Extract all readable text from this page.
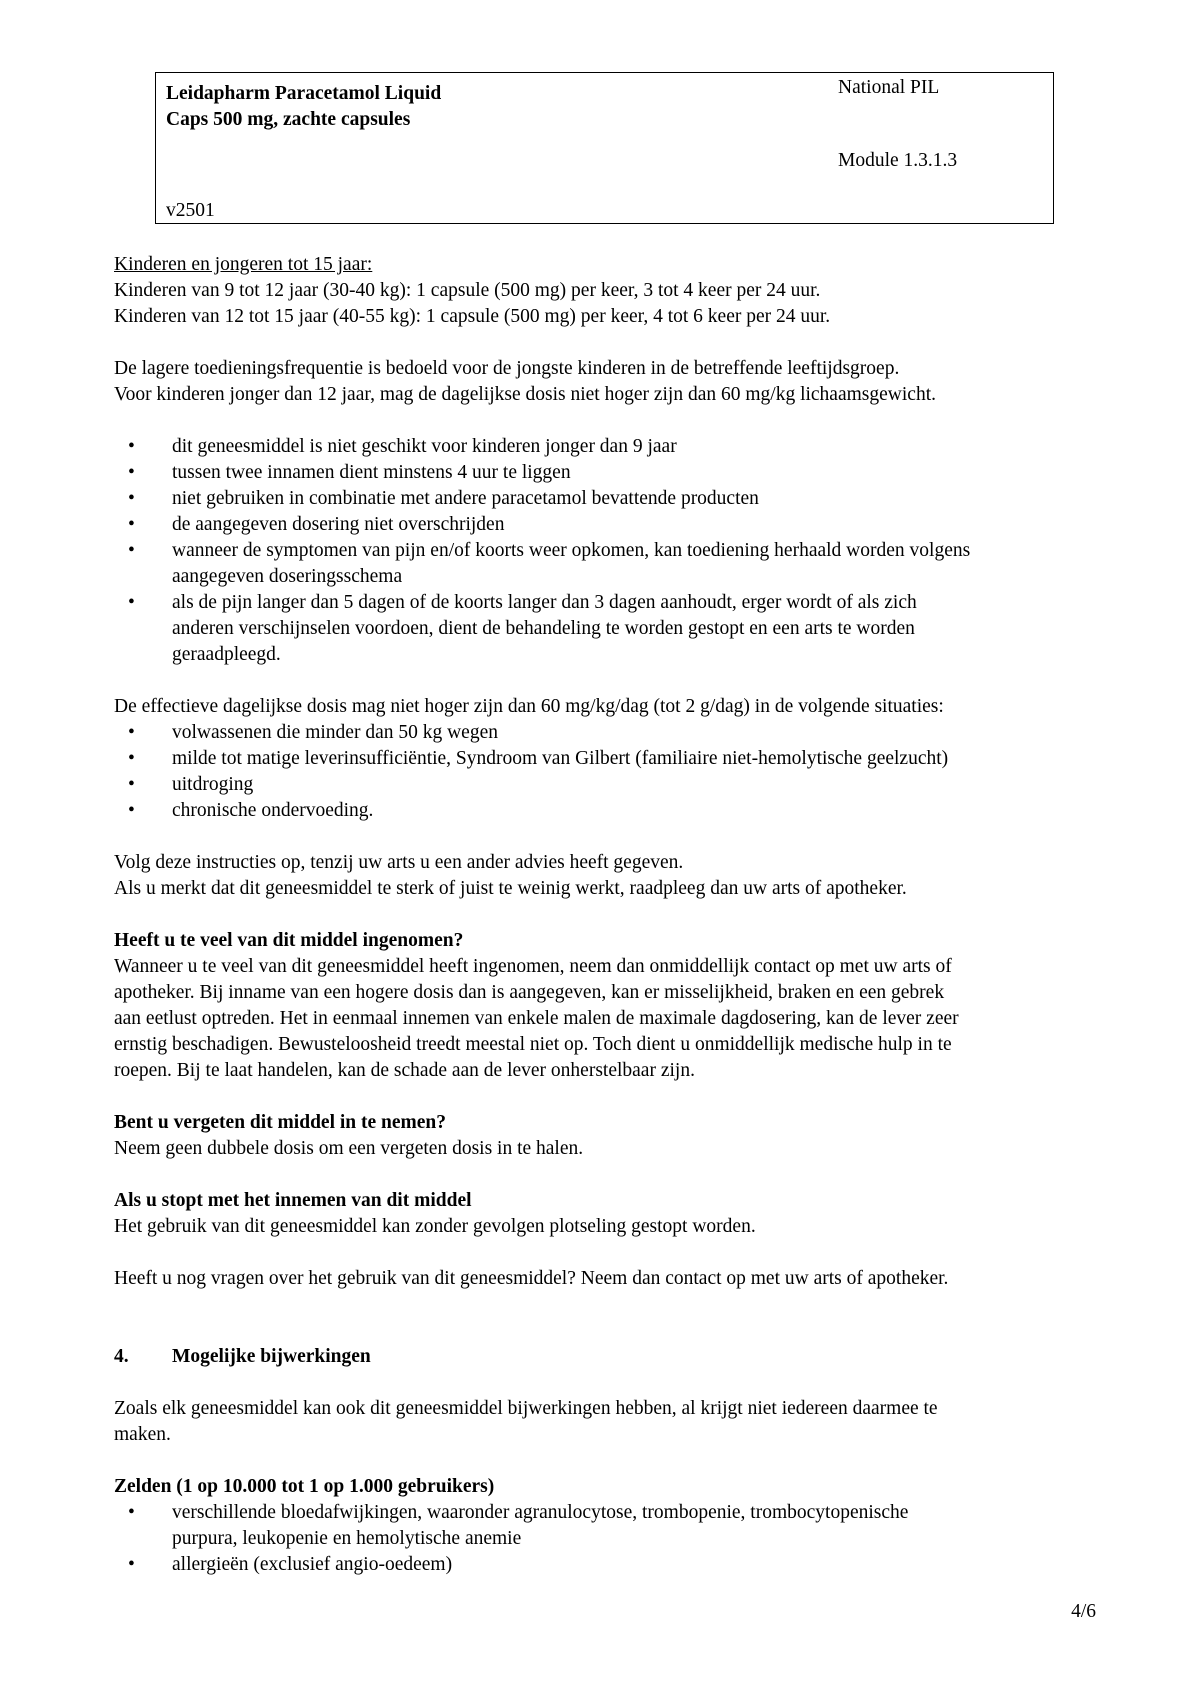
Leidapharm Paracetamol Liquid
Caps 500 mg, zachte capsules
National PIL
Module 1.3.1.3
v2501
Kinderen en jongeren tot 15 jaar:
Kinderen van 9 tot 12 jaar (30-40 kg): 1 capsule (500 mg) per keer, 3 tot 4 keer per 24 uur.
Kinderen van 12 tot 15 jaar (40-55 kg): 1 capsule (500 mg) per keer, 4 tot 6 keer per 24 uur.
De lagere toedieningsfrequentie is bedoeld voor de jongste kinderen in de betreffende leeftijdsgroep.
Voor kinderen jonger dan 12 jaar, mag de dagelijkse dosis niet hoger zijn dan 60 mg/kg lichaamsgewicht.
• dit geneesmiddel is niet geschikt voor kinderen jonger dan 9 jaar
• tussen twee innamen dient minstens 4 uur te liggen
• niet gebruiken in combinatie met andere paracetamol bevattende producten
• de aangegeven dosering niet overschrijden
• wanneer de symptomen van pijn en/of koorts weer opkomen, kan toediening herhaald worden volgens
aangegeven doseringsschema
• als de pijn langer dan 5 dagen of de koorts langer dan 3 dagen aanhoudt, erger wordt of als zich
anderen verschijnselen voordoen, dient de behandeling te worden gestopt en een arts te worden
geraadpleegd.
De effectieve dagelijkse dosis mag niet hoger zijn dan 60 mg/kg/dag (tot 2 g/dag) in de volgende situaties:
• volwassenen die minder dan 50 kg wegen
• milde tot matige leverinsufficiëntie, Syndroom van Gilbert (familiaire niet-hemolytische geelzucht)
• uitdroging
• chronische ondervoeding.
Volg deze instructies op, tenzij uw arts u een ander advies heeft gegeven.
Als u merkt dat dit geneesmiddel te sterk of juist te weinig werkt, raadpleeg dan uw arts of apotheker.
Heeft u te veel van dit middel ingenomen?
Wanneer u te veel van dit geneesmiddel heeft ingenomen, neem dan onmiddellijk contact op met uw arts of
apotheker. Bij inname van een hogere dosis dan is aangegeven, kan er misselijkheid, braken en een gebrek
aan eetlust optreden. Het in eenmaal innemen van enkele malen de maximale dagdosering, kan de lever zeer
ernstig beschadigen. Bewusteloosheid treedt meestal niet op. Toch dient u onmiddellijk medische hulp in te
roepen. Bij te laat handelen, kan de schade aan de lever onherstelbaar zijn.
Bent u vergeten dit middel in te nemen?
Neem geen dubbele dosis om een vergeten dosis in te halen.
Als u stopt met het innemen van dit middel
Het gebruik van dit geneesmiddel kan zonder gevolgen plotseling gestopt worden.
Heeft u nog vragen over het gebruik van dit geneesmiddel? Neem dan contact op met uw arts of apotheker.
4. Mogelijke bijwerkingen
Zoals elk geneesmiddel kan ook dit geneesmiddel bijwerkingen hebben, al krijgt niet iedereen daarmee te
maken.
Zelden (1 op 10.000 tot 1 op 1.000 gebruikers)
• verschillende bloedafwijkingen, waaronder agranulocytose, trombopenie, trombocytopenische
purpura, leukopenie en hemolytische anemie
• allergieën (exclusief angio-oedeem)
4/6
